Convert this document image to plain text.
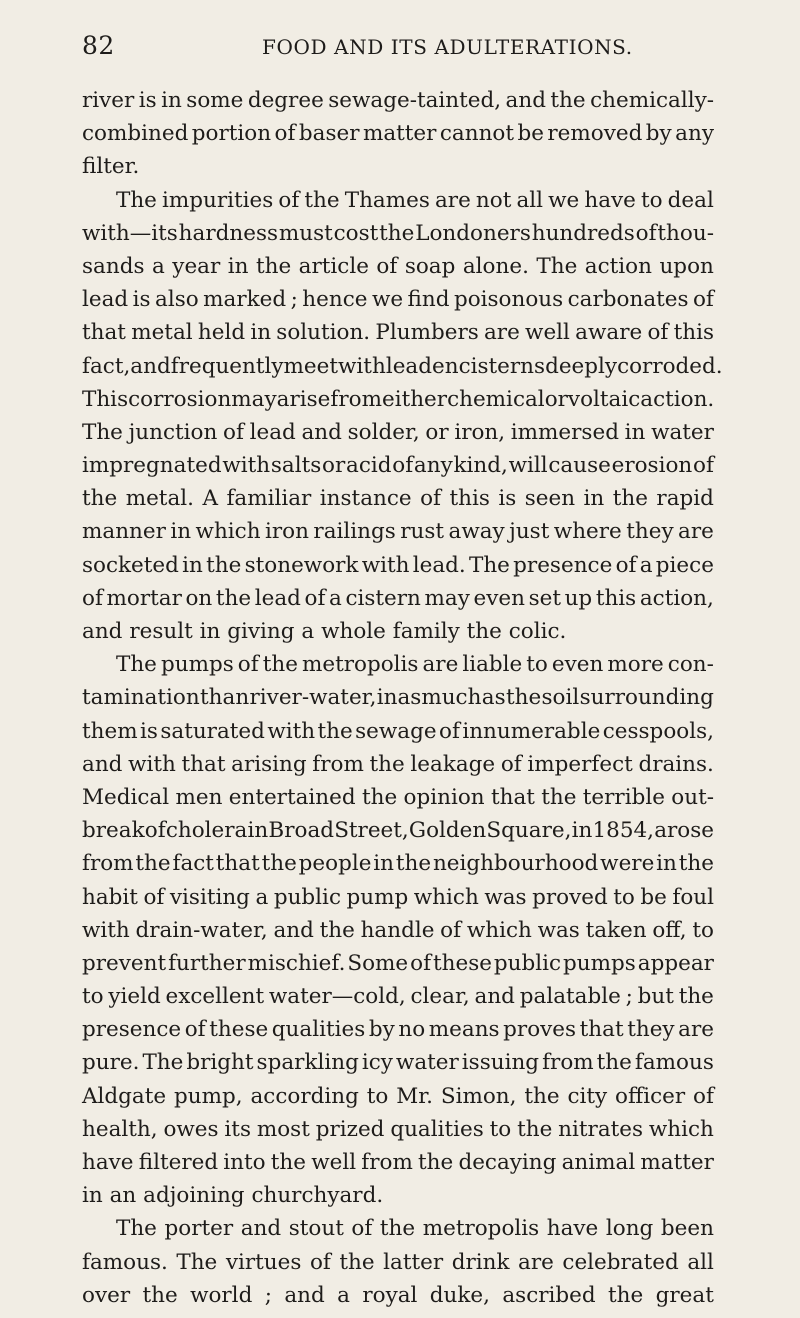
82	FOOD AND ITS ADULTERATIONS.
river is in some degree sewage-tainted, and the chemically-
combined portion of baser matter cannot be removed by any
filter.
The impurities of the Thames are not all we have to deal
with—its hardness must cost the Londoners hundreds of thou-
sands a year in the article of soap alone. The action upon
lead is also marked ; hence we find poisonous carbonates of
that metal held in solution. Plumbers are well aware of this
fact, and frequently meet with leaden cisterns deeply corroded.
This corrosion may arise from either chemical or voltaic action.
The junction of lead and solder, or iron, immersed in water
impregnated with salts or acid of any kind, will cause erosion of
the metal. A familiar instance of this is seen in the rapid
manner in which iron railings rust away just where they are
socketed in the stonework with lead. The presence of a piece
of mortar on the lead of a cistern may even set up this action,
and result in giving a whole family the colic.
The pumps of the metropolis are liable to even more con-
tamination than river-water, inasmuch as the soil surrounding
them is saturated with the sewage of innumerable cesspools,
and with that arising from the leakage of imperfect drains.
Medical men entertained the opinion that the terrible out-
break of cholera in Broad Street, Golden Square, in 1854, arose
from the fact that the people in the neighbourhood were in the
habit of visiting a public pump which was proved to be foul
with drain-water, and the handle of which was taken off, to
prevent further mischief. Some of these public pumps appear
to yield excellent water—cold, clear, and palatable ; but the
presence of these qualities by no means proves that they are
pure. The bright sparkling icy water issuing from the famous
Aldgate pump, according to Mr. Simon, the city officer of
health, owes its most prized qualities to the nitrates which
have filtered into the well from the decaying animal matter
in an adjoining churchyard.
The porter and stout of the metropolis have long been
famous. The virtues of the latter drink are celebrated all
over the world ; and a royal duke, ascribed the great
